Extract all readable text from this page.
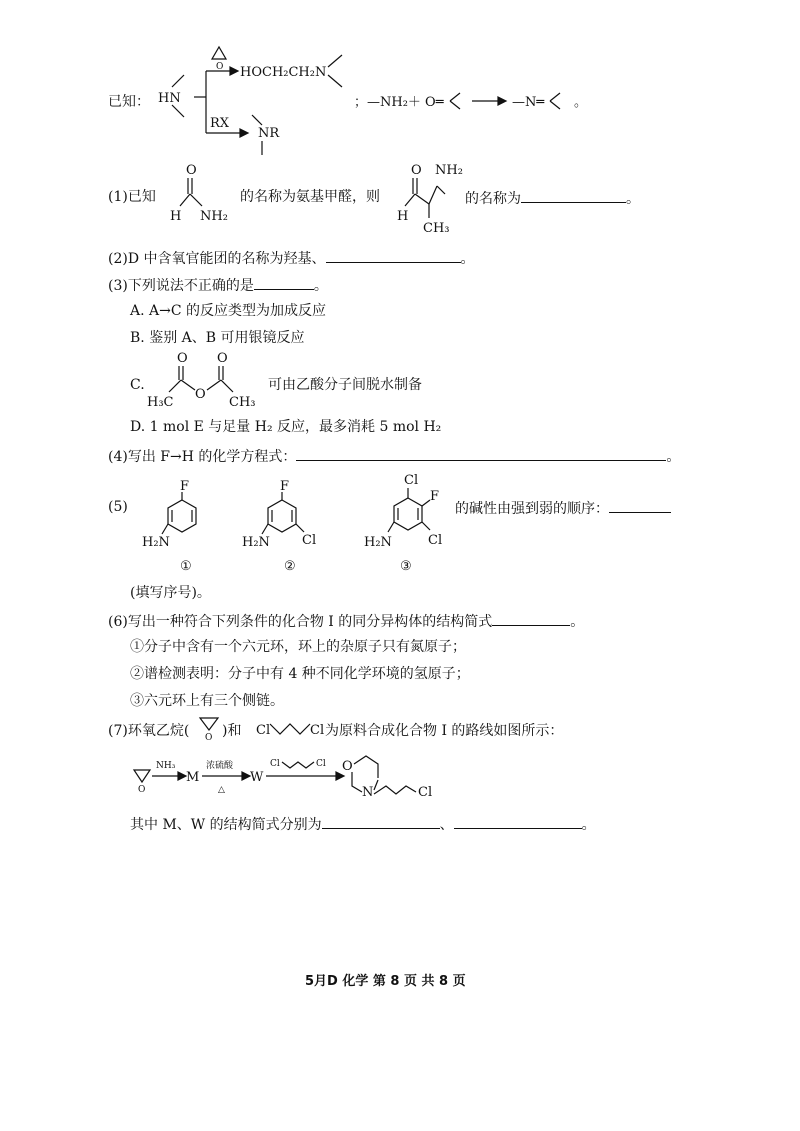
已知： HN
O HOCH₂CH₂N
RX
NR
；—NH₂＋ O═	—N═ 。
(1)已知
O
H NH₂
的名称为氨基甲醛，则
NH₂
O
H
CH₃
的名称为	。
(2)D 中含氧官能团的名称为羟基、	。
(3)下列说法不正确的是	。
A. A→C 的反应类型为加成反应
B. 鉴别 A、B 可用银镜反应
C.
O O
O
H₃C	CH₃
可由乙酸分子间脱水制备
D. 1 mol E 与足量 H₂ 反应，最多消耗 5 mol H₂
(4)写出 F→H 的化学方程式：	。
(5)
F
H₂N
①
F
H₂N Cl
②
Cl
F
H₂N	Cl
③
的碱性由强到弱的顺序：
(填写序号)。
(6)写出一种符合下列条件的化合物 I 的同分异构体的结构简式	。
①分子中含有一个六元环，环上的杂原子只有氮原子；
②谱检测表明：分子中有 4 种不同化学环境的氢原子；
③六元环上有三个侧链。
(7)环氧乙烷( O )和 Cl	Cl 为原料合成化合物 I 的路线如图所示：
O
NH₃
M
浓硫酸
△
W
Cl	Cl O
N	Cl
其中 M、W 的结构简式分别为	、	。
5月D 化学 第 8 页 共 8 页
